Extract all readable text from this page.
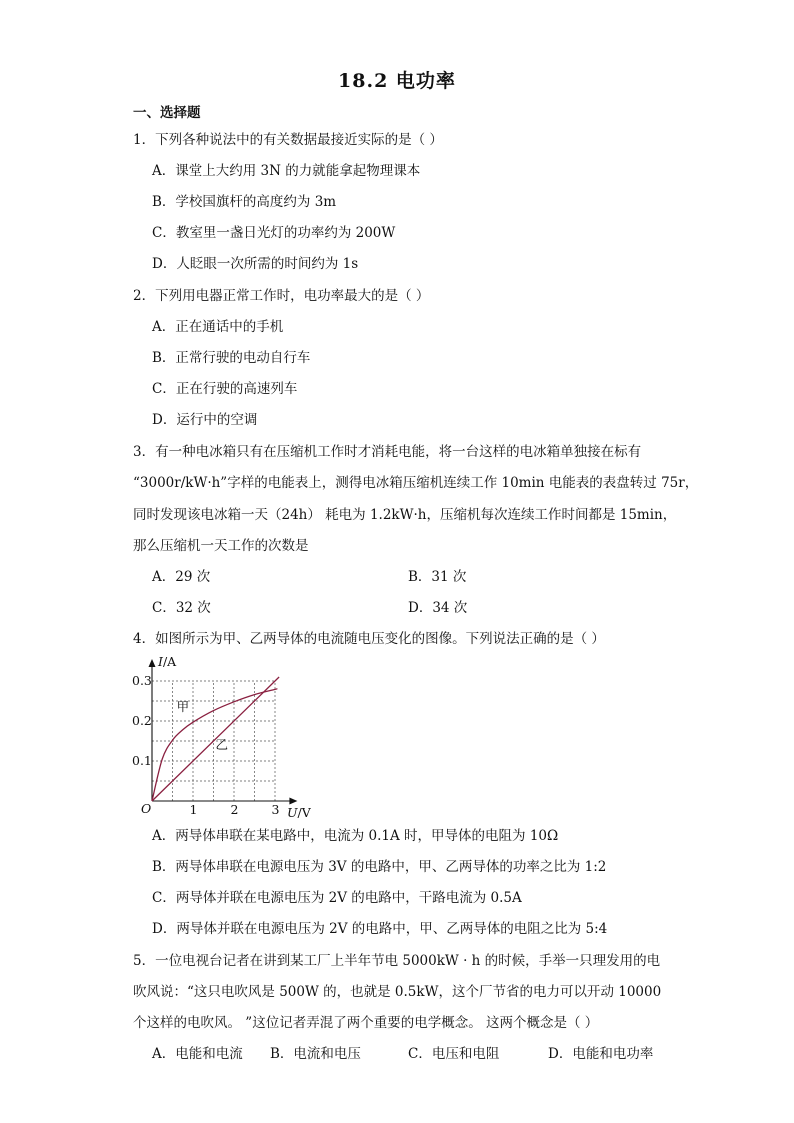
18.2 电功率
一、选择题
1．下列各种说法中的有关数据最接近实际的是（ ）
A．课堂上大约用 3N 的力就能拿起物理课本
B．学校国旗杆的高度约为 3m
C．教室里一盏日光灯的功率约为 200W
D．人眨眼一次所需的时间约为 1s
2．下列用电器正常工作时，电功率最大的是（ ）
A．正在通话中的手机
B．正常行驶的电动自行车
C．正在行驶的高速列车
D．运行中的空调
3．有一种电冰箱只有在压缩机工作时才消耗电能，将一台这样的电冰箱单独接在标有
“3000r/kW·h”字样的电能表上，测得电冰箱压缩机连续工作 10min 电能表的表盘转过 75r，
同时发现该电冰箱一天（24h） 耗电为 1.2kW·h，压缩机每次连续工作时间都是 15min，
那么压缩机一天工作的次数是
A．29 次	B．31 次
C．32 次	D．34 次
4．如图所示为甲、乙两导体的电流随电压变化的图像。下列说法正确的是（ ）
0.1
0.2
0.3
1	2	3
O
I/A
U/V
甲
乙
A．两导体串联在某电路中，电流为 0.1A 时，甲导体的电阻为 10Ω
B．两导体串联在电源电压为 3V 的电路中，甲、乙两导体的功率之比为 1:2
C．两导体并联在电源电压为 2V 的电路中，干路电流为 0.5A
D．两导体并联在电源电压为 2V 的电路中，甲、乙两导体的电阻之比为 5:4
5．一位电视台记者在讲到某工厂上半年节电 5000kW · h 的时候，手举一只理发用的电
吹风说：“这只电吹风是 500W 的，也就是 0.5kW，这个厂节省的电力可以开动 10000
个这样的电吹风。 ”这位记者弄混了两个重要的电学概念。 这两个概念是（ ）
A．电能和电流 B．电流和电压	C．电压和电阻	D．电能和电功率
